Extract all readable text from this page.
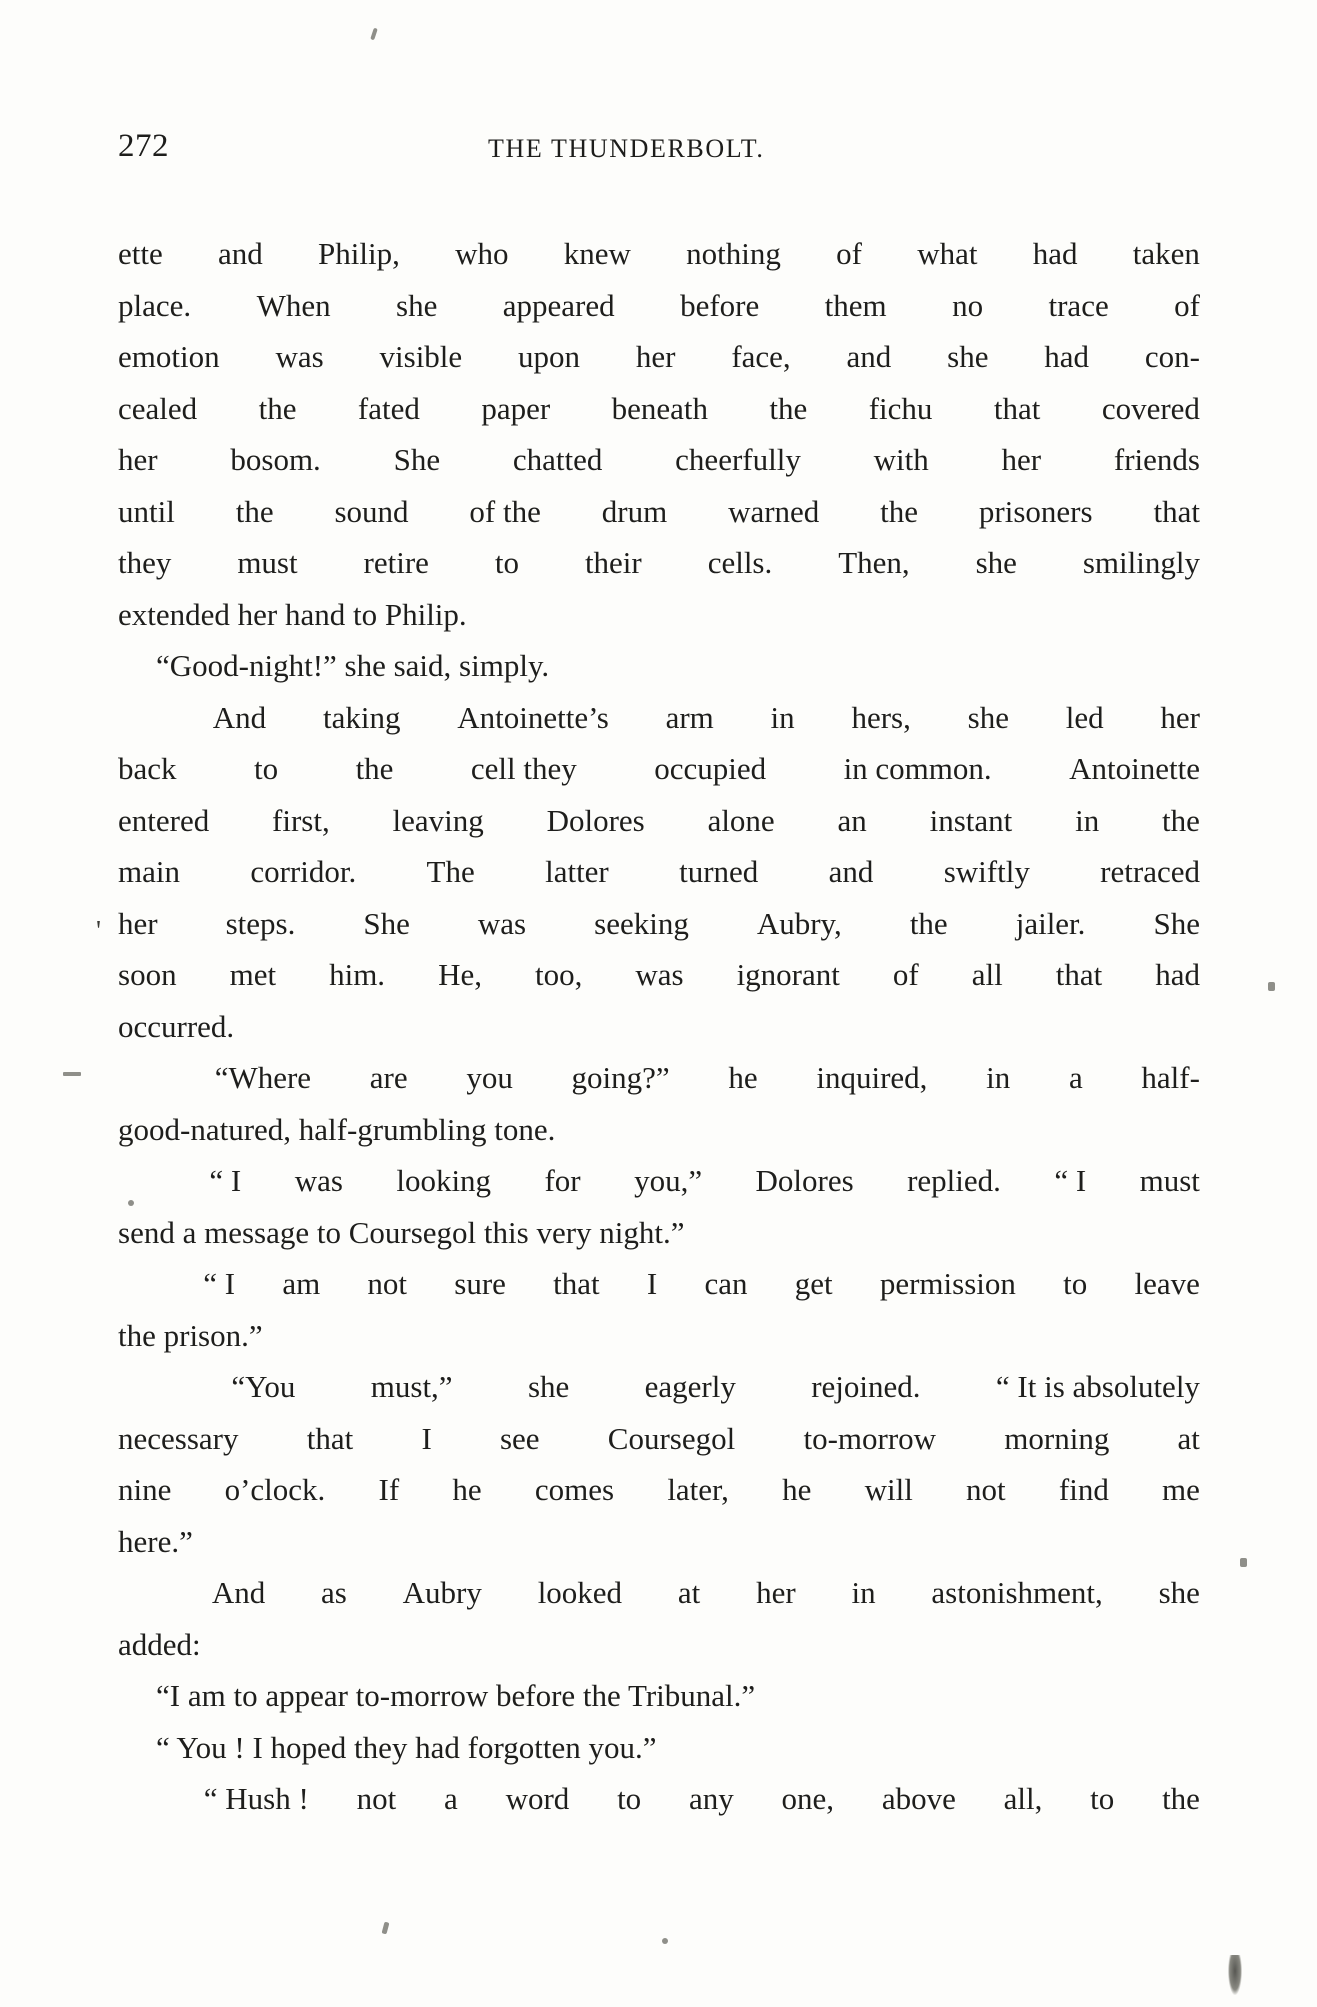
'
272	THE THUNDERBOLT.
ette and Philip, who knew nothing of what had taken
place. When she appeared before them no trace of
emotion was visible upon her face, and she had con-
cealed the fated paper beneath the fichu that covered
her bosom. She chatted cheerfully with her friends
until the sound of the drum warned the prisoners that
they must retire to their cells. Then, she smilingly
extended her hand to Philip.
“Good-night!” she said, simply.
And taking Antoinette’s arm in hers, she led her
back to the cell they occupied in common. Antoinette
entered first, leaving Dolores alone an instant in the
main corridor. The latter turned and swiftly retraced
her steps. She was seeking Aubry, the jailer. She
soon met him. He, too, was ignorant of all that had
occurred.
“Where are you going?” he inquired, in a half-
good-natured, half-grumbling tone.
“ I was looking for you,” Dolores replied. “ I must
send a message to Coursegol this very night.”
“ I am not sure that I can get permission to leave
the prison.”
“You must,” she eagerly rejoined. “ It is absolutely
necessary that I see Coursegol to-morrow morning at
nine o’clock. If he comes later, he will not find me
here.”
And as Aubry looked at her in astonishment, she
added:
“I am to appear to-morrow before the Tribunal.”
“ You ! I hoped they had forgotten you.”
“ Hush ! not a word to any one, above all, to the
